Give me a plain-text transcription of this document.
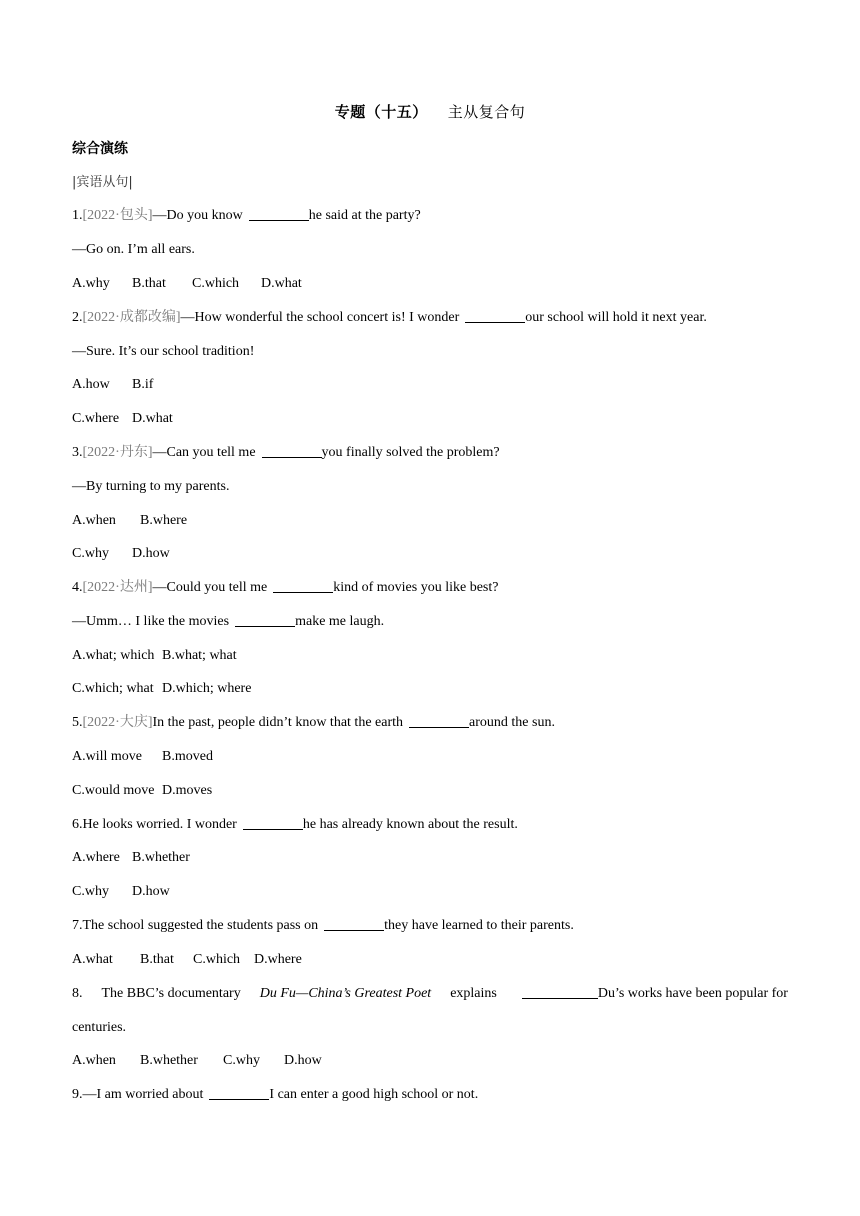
专题（十五） 主从复合句
综合演练
|宾语从句|
1.[2022·包头]—Do you know	he said at the party?
—Go on. I’m all ears.
A.why B.that C.which D.what
2.[2022·成都改编]—How wonderful the school concert is! I wonder	our school will hold it next year.
—Sure. It’s our school tradition!
A.how B.if
C.where D.what
3.[2022·丹东]—Can you tell me	you finally solved the problem?
—By turning to my parents.
A.when B.where
C.why D.how
4.[2022·达州]—Could you tell me	kind of movies you like best?
—Umm… I like the movies	make me laugh.
A.what; which B.what; what
C.which; what D.which; where
5.[2022·大庆]In the past, people didn’t know that the earth	around the sun.
A.will move B.moved
C.would move D.moves
6.He looks worried. I wonder	he has already known about the result.
A.where B.whether
C.why D.how
7.The school suggested the students pass on	they have learned to their parents.
A.what B.that C.which D.where
8. The BBC’s documentary Du Fu—China’s Greatest Poet explains	Du’s works have been popular for
centuries.
A.when B.whether C.why D.how
9.—I am worried about	I can enter a good high school or not.
